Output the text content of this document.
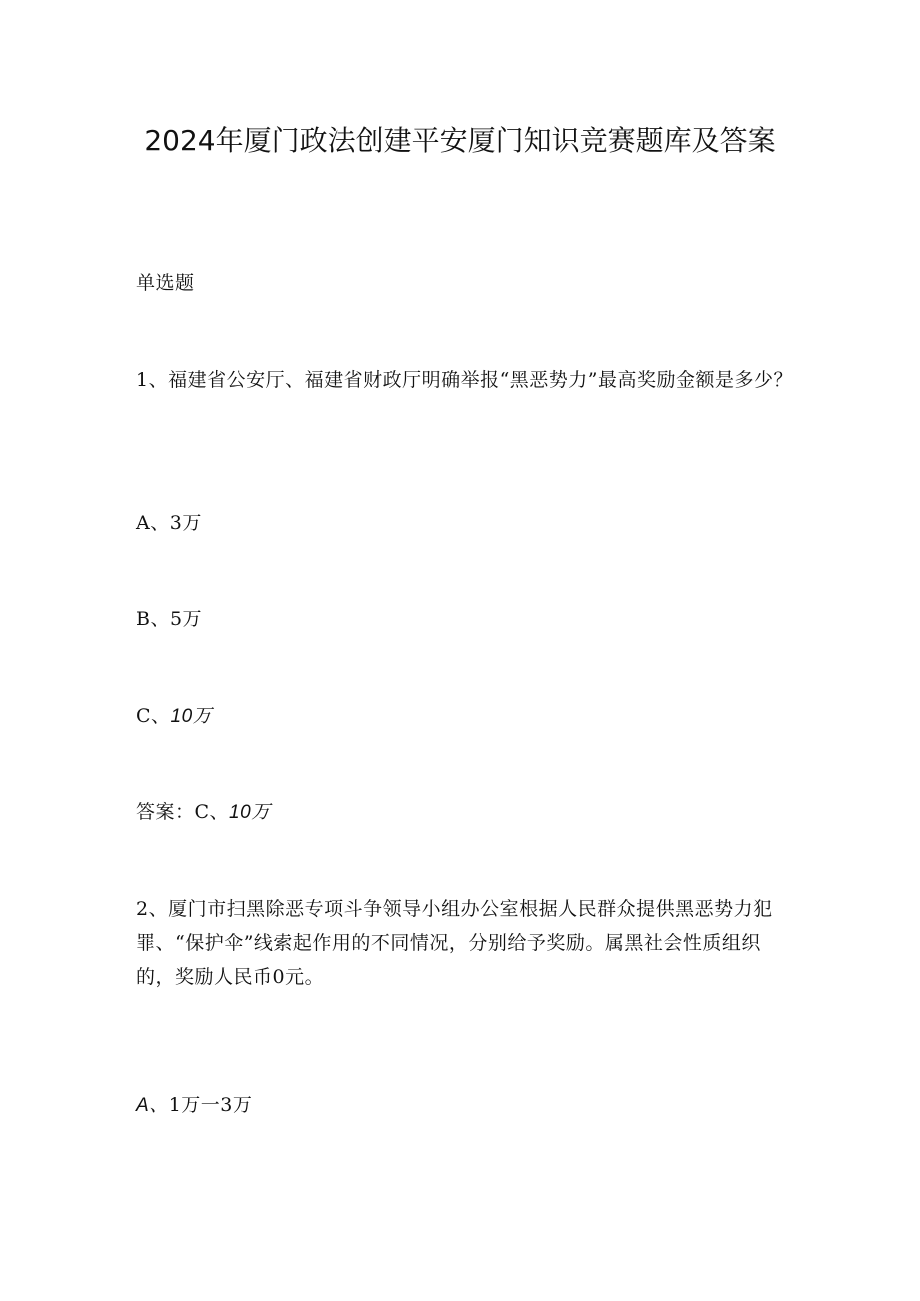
2024年厦门政法创建平安厦门知识竞赛题库及答案

单选题

1、福建省公安厅、福建省财政厅明确举报“黑恶势力”最高奖励金额是多少？

A、3万

B、5万

C、10万

答案：C、10万

2、厦门市扫黑除恶专项斗争领导小组办公室根据人民群众提供黑恶势力犯罪、“保护伞”线索起作用的不同情况，分别给予奖励。属黑社会性质组织的，奖励人民币0元。

A、1万一3万
